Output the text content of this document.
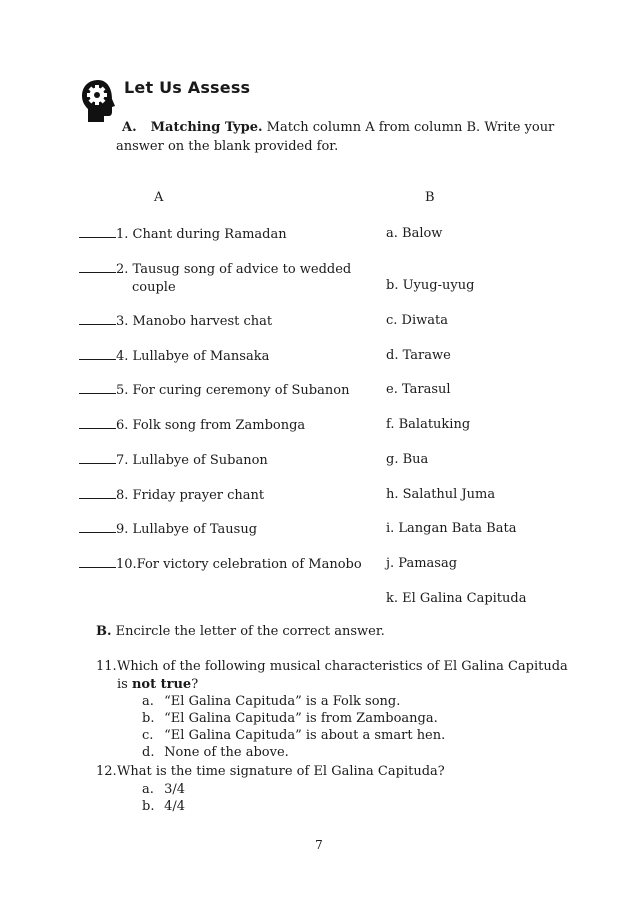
Let Us Assess
A. Matching Type. Match column A from column B. Write your
answer on the blank provided for.
A	B
1. Chant during Ramadan
2. Tausug song of advice to wedded
couple
3. Manobo harvest chat
4. Lullabye of Mansaka
5. For curing ceremony of Subanon
6. Folk song from Zambonga
7. Lullabye of Subanon
8. Friday prayer chant
9. Lullabye of Tausug
10.For victory celebration of Manobo
a. Balow
b. Uyug-uyug
c. Diwata
d. Tarawe
e. Tarasul
f. Balatuking
g. Bua
h. Salathul Juma
i. Langan Bata Bata
j. Pamasag
k. El Galina Capituda
B. Encircle the letter of the correct answer.
11.Which of the following musical characteristics of El Galina Capituda
is not true?
a. “El Galina Capituda” is a Folk song.
b. “El Galina Capituda” is from Zamboanga.
c. “El Galina Capituda” is about a smart hen.
d. None of the above.
12.What is the time signature of El Galina Capituda?
a. 3/4
b. 4/4
7
